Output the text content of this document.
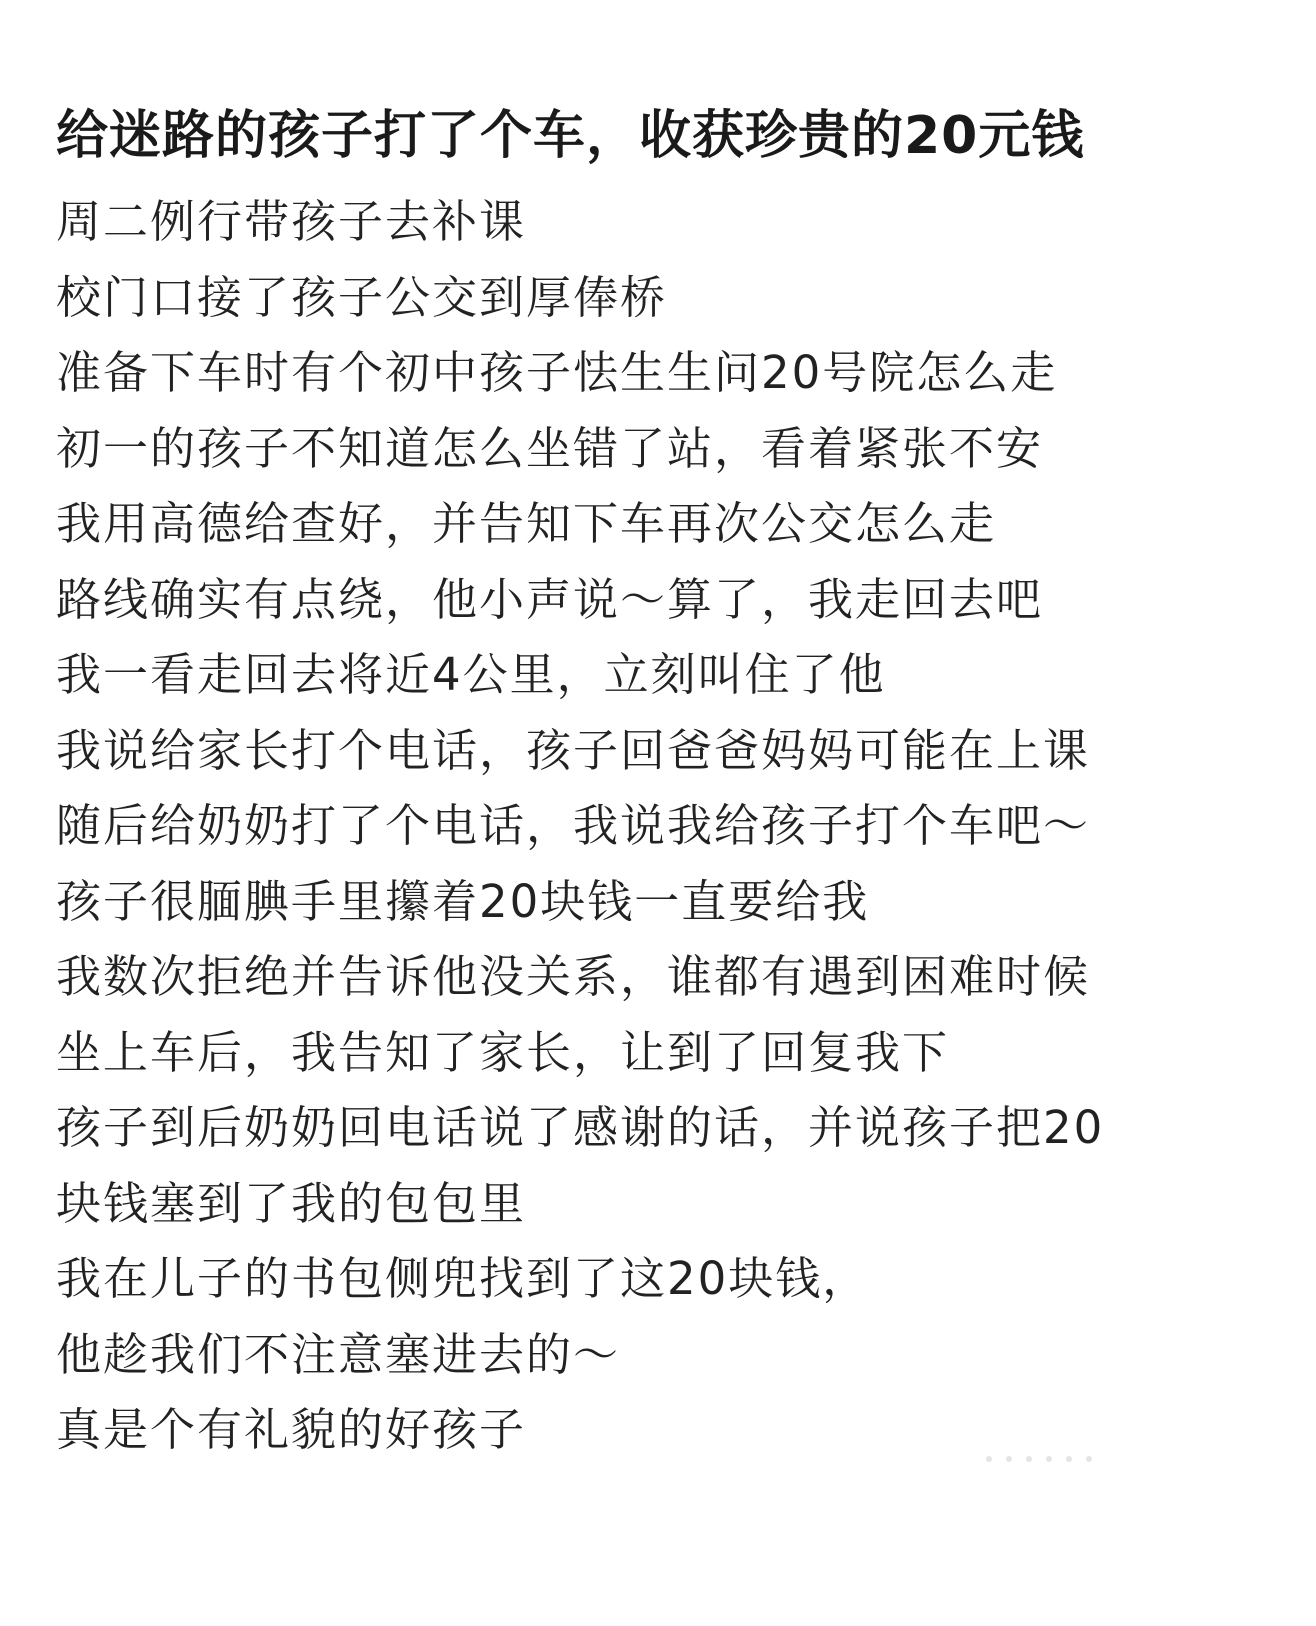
给迷路的孩子打了个车，收获珍贵的20元钱
周二例行带孩子去补课
校门口接了孩子公交到厚俸桥
准备下车时有个初中孩子怯生生问20号院怎么走
初一的孩子不知道怎么坐错了站，看着紧张不安
我用高德给查好，并告知下车再次公交怎么走
路线确实有点绕，他小声说～算了，我走回去吧
我一看走回去将近4公里，立刻叫住了他
我说给家长打个电话，孩子回爸爸妈妈可能在上课
随后给奶奶打了个电话，我说我给孩子打个车吧～
孩子很腼腆手里攥着20块钱一直要给我
我数次拒绝并告诉他没关系，谁都有遇到困难时候
坐上车后，我告知了家长，让到了回复我下
孩子到后奶奶回电话说了感谢的话，并说孩子把20
块钱塞到了我的包包里
我在儿子的书包侧兜找到了这20块钱，
他趁我们不注意塞进去的～
真是个有礼貌的好孩子
